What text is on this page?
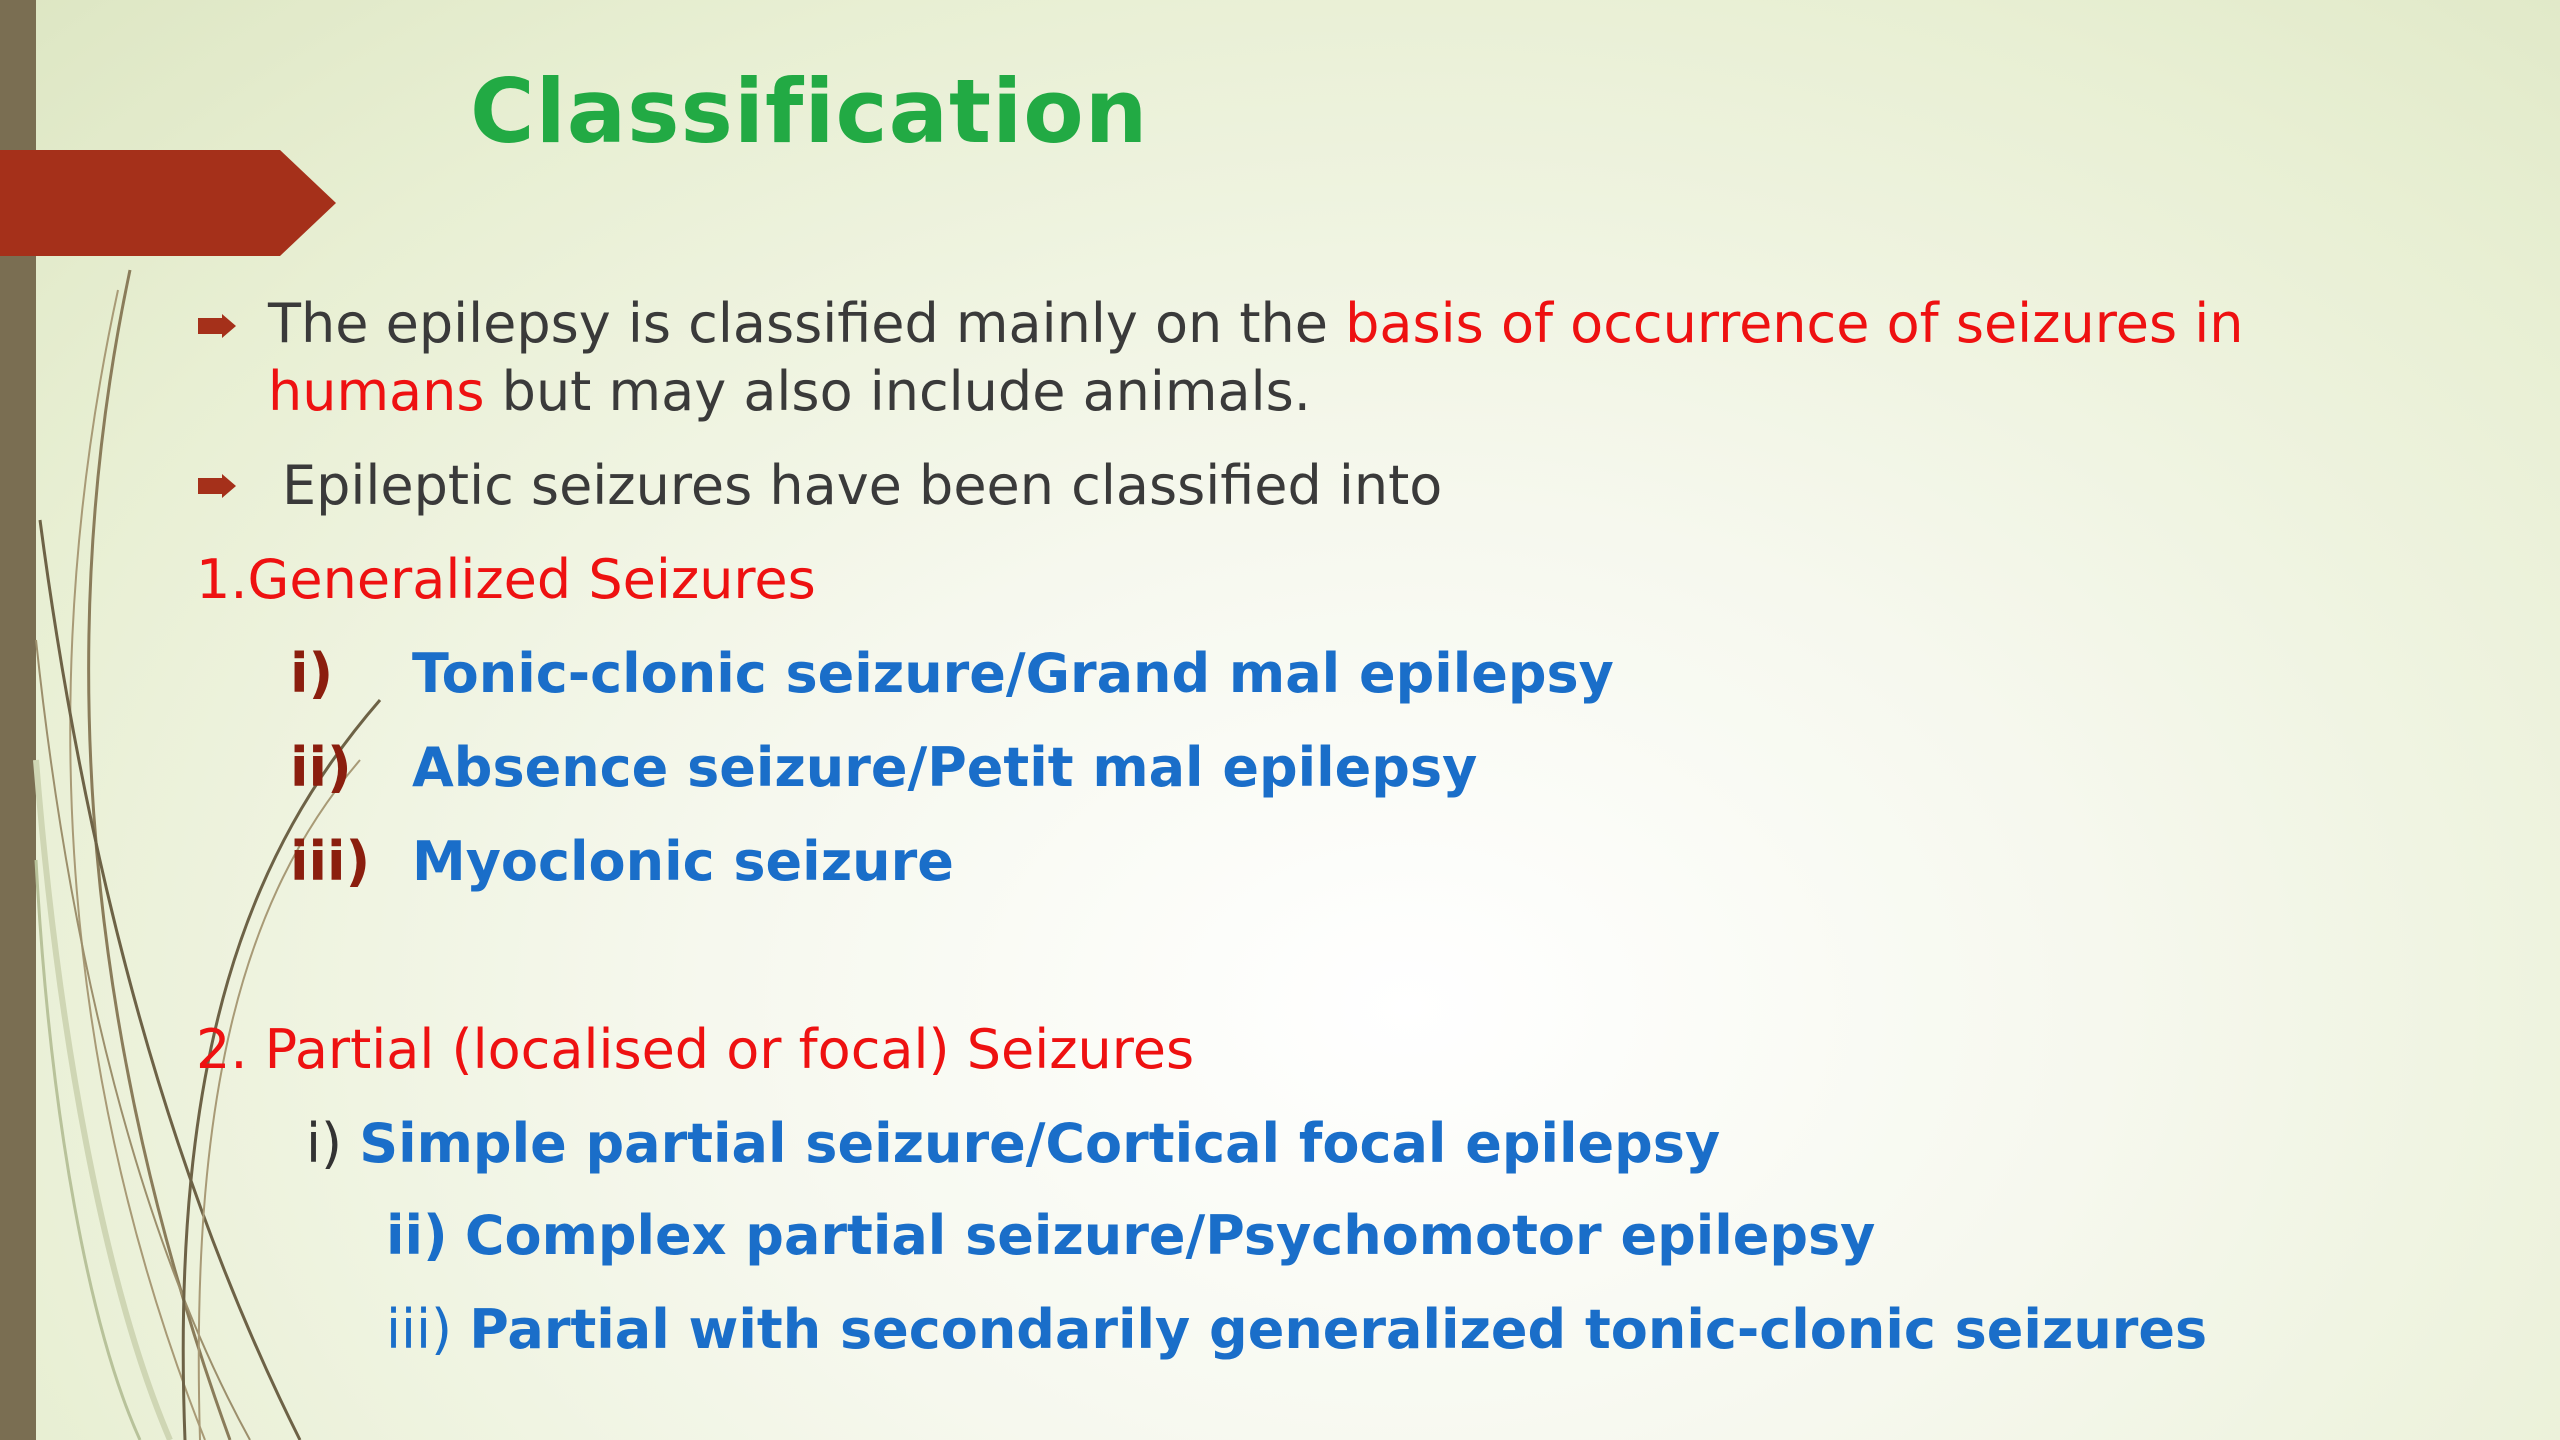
Classification

The epilepsy is classified mainly on the basis of occurrence of seizures in

humans but may also include animals.

Epileptic seizures have been classified into

1.Generalized Seizures

i) Tonic-clonic seizure/Grand mal epilepsy

ii) Absence seizure/Petit mal epilepsy

iii) Myoclonic seizure

2. Partial (localised or focal) Seizures

i) Simple partial seizure/Cortical focal epilepsy

ii) Complex partial seizure/Psychomotor epilepsy

iii) Partial with secondarily generalized tonic-clonic seizures
